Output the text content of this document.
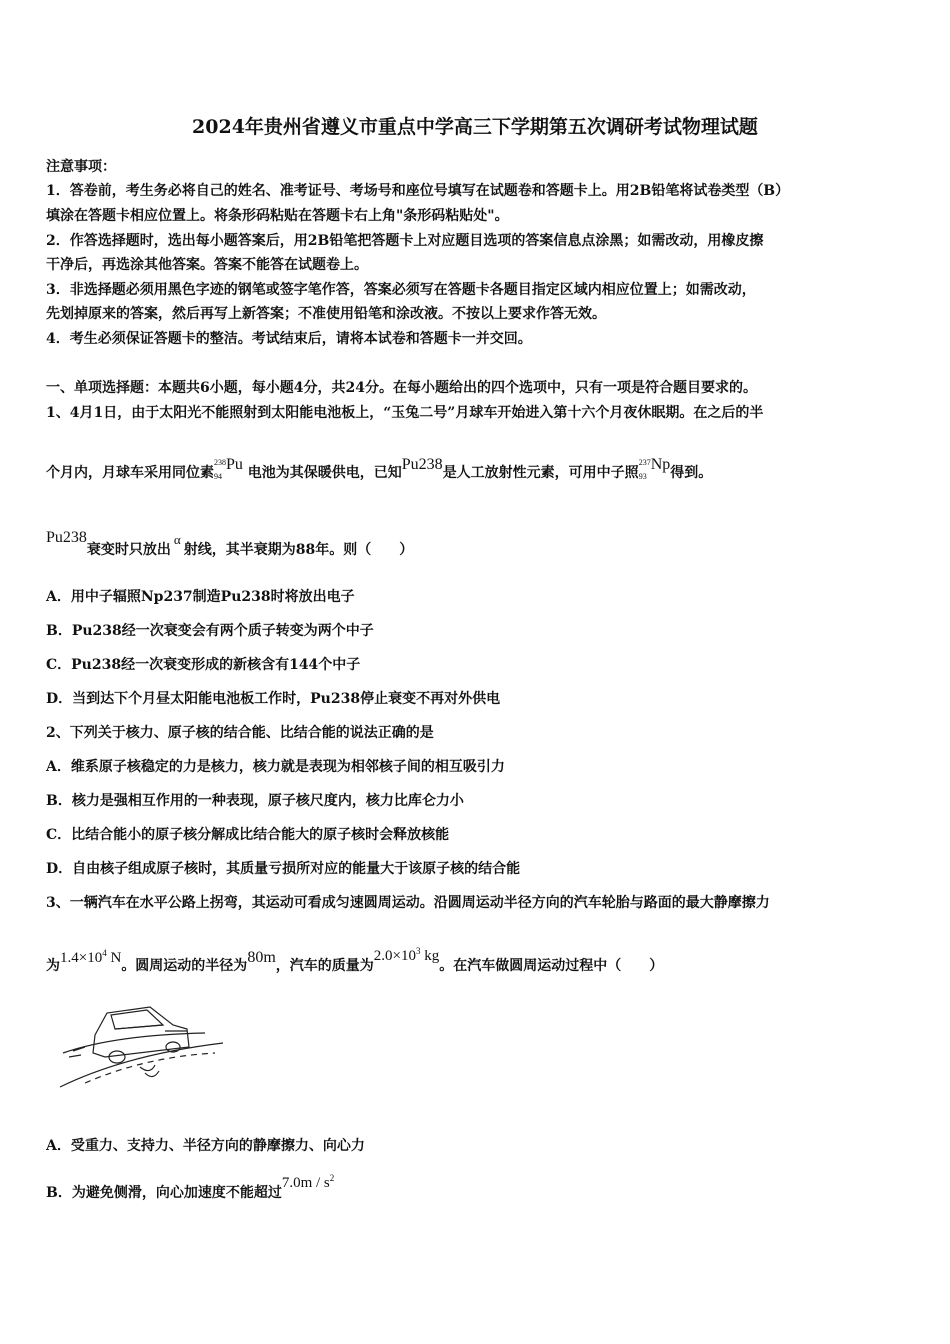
2024年贵州省遵义市重点中学高三下学期第五次调研考试物理试题
注意事项：
1．答卷前，考生务必将自己的姓名、准考证号、考场号和座位号填写在试题卷和答题卡上。用2B铅笔将试卷类型（B）
填涂在答题卡相应位置上。将条形码粘贴在答题卡右上角"条形码粘贴处"。
2．作答选择题时，选出每小题答案后，用2B铅笔把答题卡上对应题目选项的答案信息点涂黑；如需改动，用橡皮擦
干净后，再选涂其他答案。答案不能答在试题卷上。
3．非选择题必须用黑色字迹的钢笔或签字笔作答，答案必须写在答题卡各题目指定区域内相应位置上；如需改动，
先划掉原来的答案，然后再写上新答案；不准使用铅笔和涂改液。不按以上要求作答无效。
4．考生必须保证答题卡的整洁。考试结束后，请将本试卷和答题卡一并交回。
一、单项选择题：本题共6小题，每小题4分，共24分。在每小题给出的四个选项中，只有一项是符合题目要求的。
1、4月1日，由于太阳光不能照射到太阳能电池板上，“玉兔二号”月球车开始进入第十六个月夜休眠期。在之后的半
个月内，月球车采用同位素
238
94
Pu 电池为其保暖供电，已知Pu238是人工放射性元素，可用中子照
237
93
Np得到。
Pu238衰变时只放出α射线，其半衰期为88年。则（　　）
A．用中子辐照Np237制造Pu238时将放出电子
B．Pu238经一次衰变会有两个质子转变为两个中子
C．Pu238经一次衰变形成的新核含有144个中子
D．当到达下个月昼太阳能电池板工作时，Pu238停止衰变不再对外供电
2、下列关于核力、原子核的结合能、比结合能的说法正确的是
A．维系原子核稳定的力是核力，核力就是表现为相邻核子间的相互吸引力
B．核力是强相互作用的一种表现，原子核尺度内，核力比库仑力小
C．比结合能小的原子核分解成比结合能大的原子核时会释放核能
D．自由核子组成原子核时，其质量亏损所对应的能量大于该原子核的结合能
3、一辆汽车在水平公路上拐弯，其运动可看成匀速圆周运动。沿圆周运动半径方向的汽车轮胎与路面的最大静摩擦力
为$1.4\times 10^4$ N。圆周运动的半径为80m，汽车的质量为$2.0\times 10^3$ kg。在汽车做圆周运动过程中（　　）
A．受重力、支持力、半径方向的静摩擦力、向心力
B．为避免侧滑，向心加速度不能超过$7.0m / s^2$
